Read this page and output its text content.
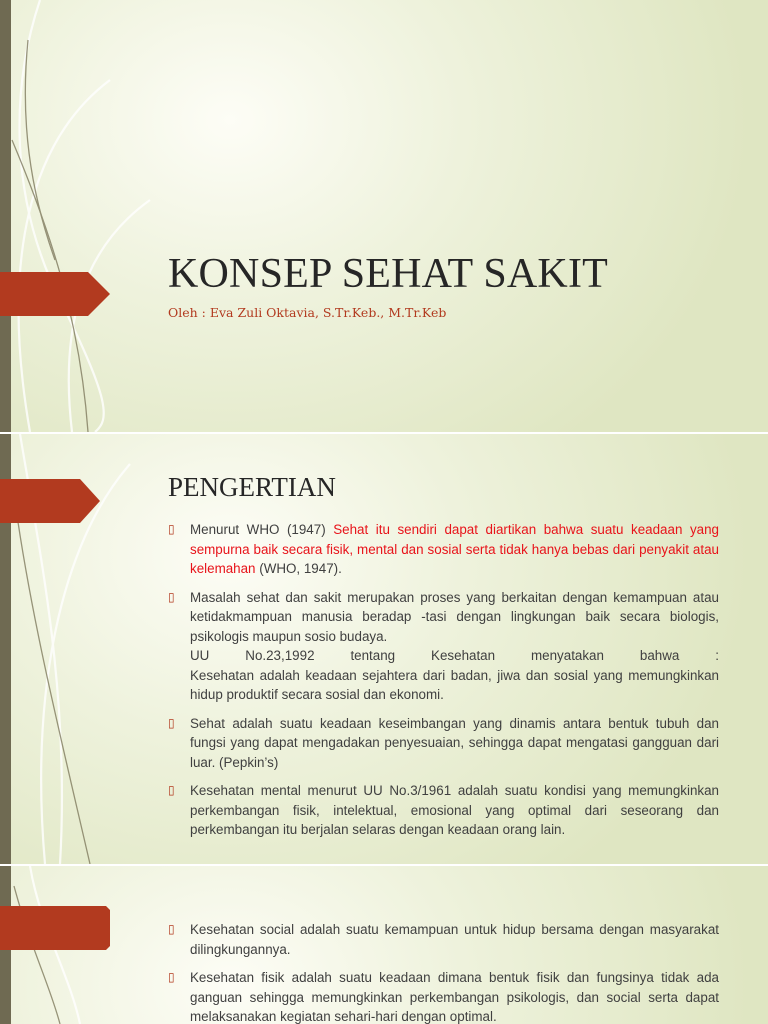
KONSEP SEHAT SAKIT
Oleh : Eva Zuli Oktavia, S.Tr.Keb., M.Tr.Keb
PENGERTIAN
▯ Menurut WHO (1947) Sehat itu sendiri dapat diartikan bahwa suatu keadaan yang sempurna baik secara fisik, mental dan sosial serta tidak hanya bebas dari penyakit atau kelemahan (WHO, 1947).
▯ Masalah sehat dan sakit merupakan proses yang berkaitan dengan kemampuan atau ketidakmampuan manusia beradap -tasi dengan lingkungan baik secara biologis, psikologis maupun sosio budaya.
UU No.23,1992 tentang Kesehatan menyatakan bahwa :
Kesehatan adalah keadaan sejahtera dari badan, jiwa dan sosial yang memungkinkan hidup produktif secara sosial dan ekonomi.
▯ Sehat adalah suatu keadaan keseimbangan yang dinamis antara bentuk tubuh dan fungsi yang dapat mengadakan penyesuaian, sehingga dapat mengatasi gangguan dari luar. (Pepkin’s)
▯ Kesehatan mental menurut UU No.3/1961 adalah suatu kondisi yang memungkinkan perkembangan fisik, intelektual, emosional yang optimal dari seseorang dan perkembangan itu berjalan selaras dengan keadaan orang lain.
▯ Kesehatan social adalah suatu kemampuan untuk hidup bersama dengan masyarakat dilingkungannya.
▯ Kesehatan fisik adalah suatu keadaan dimana bentuk fisik dan fungsinya tidak ada ganguan sehingga memungkinkan perkembangan psikologis, dan social serta dapat melaksanakan kegiatan sehari-hari dengan optimal.
